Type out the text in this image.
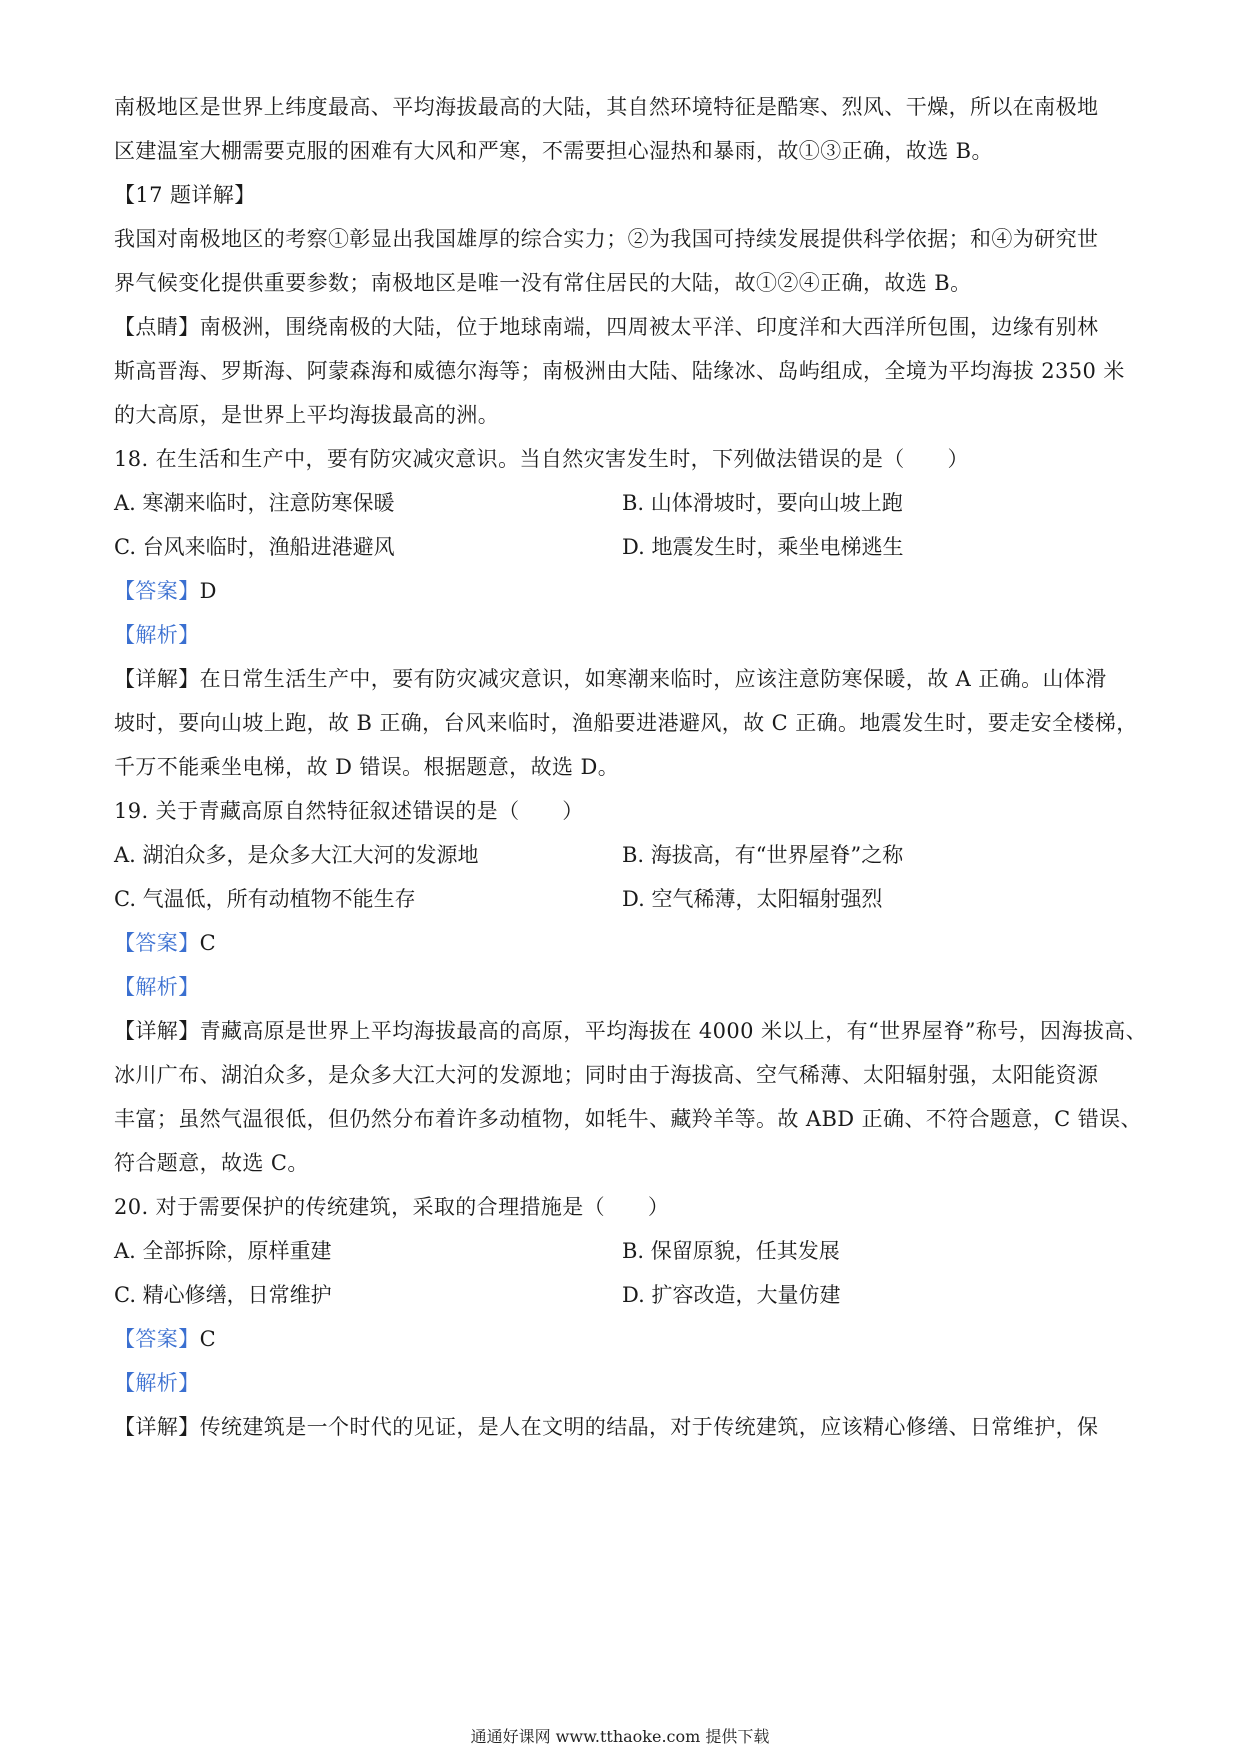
南极地区是世界上纬度最高、平均海拔最高的大陆，其自然环境特征是酷寒、烈风、干燥，所以在南极地
区建温室大棚需要克服的困难有大风和严寒，不需要担心湿热和暴雨，故①③正确，故选 B。
【17 题详解】
我国对南极地区的考察①彰显出我国雄厚的综合实力；②为我国可持续发展提供科学依据；和④为研究世
界气候变化提供重要参数；南极地区是唯一没有常住居民的大陆，故①②④正确，故选 B。
【点睛】南极洲，围绕南极的大陆，位于地球南端，四周被太平洋、印度洋和大西洋所包围，边缘有别林
斯高晋海、罗斯海、阿蒙森海和威德尔海等；南极洲由大陆、陆缘冰、岛屿组成，全境为平均海拔 2350 米
的大高原，是世界上平均海拔最高的洲。
18. 在生活和生产中，要有防灾减灾意识。当自然灾害发生时，下列做法错误的是（　　）
A. 寒潮来临时，注意防寒保暖	B. 山体滑坡时，要向山坡上跑
C. 台风来临时，渔船进港避风	D. 地震发生时，乘坐电梯逃生
【答案】D
【解析】
【详解】在日常生活生产中，要有防灾减灾意识，如寒潮来临时，应该注意防寒保暖，故 A 正确。山体滑
坡时，要向山坡上跑，故 B 正确，台风来临时，渔船要进港避风，故 C 正确。地震发生时，要走安全楼梯，
千万不能乘坐电梯，故 D 错误。根据题意，故选 D。
19. 关于青藏高原自然特征叙述错误的是（　　）
A. 湖泊众多，是众多大江大河的发源地	B. 海拔高，有“世界屋脊”之称
C. 气温低，所有动植物不能生存	D. 空气稀薄，太阳辐射强烈
【答案】C
【解析】
【详解】青藏高原是世界上平均海拔最高的高原，平均海拔在 4000 米以上，有“世界屋脊”称号，因海拔高、
冰川广布、湖泊众多，是众多大江大河的发源地；同时由于海拔高、空气稀薄、太阳辐射强，太阳能资源
丰富；虽然气温很低，但仍然分布着许多动植物，如牦牛、藏羚羊等。故 ABD 正确、不符合题意，C 错误、
符合题意，故选 C。
20. 对于需要保护的传统建筑，采取的合理措施是（　　）
A. 全部拆除，原样重建	B. 保留原貌，任其发展
C. 精心修缮，日常维护	D. 扩容改造，大量仿建
【答案】C
【解析】
【详解】传统建筑是一个时代的见证，是人在文明的结晶，对于传统建筑，应该精心修缮、日常维护，保
通通好课网 www.tthaoke.com 提供下载
